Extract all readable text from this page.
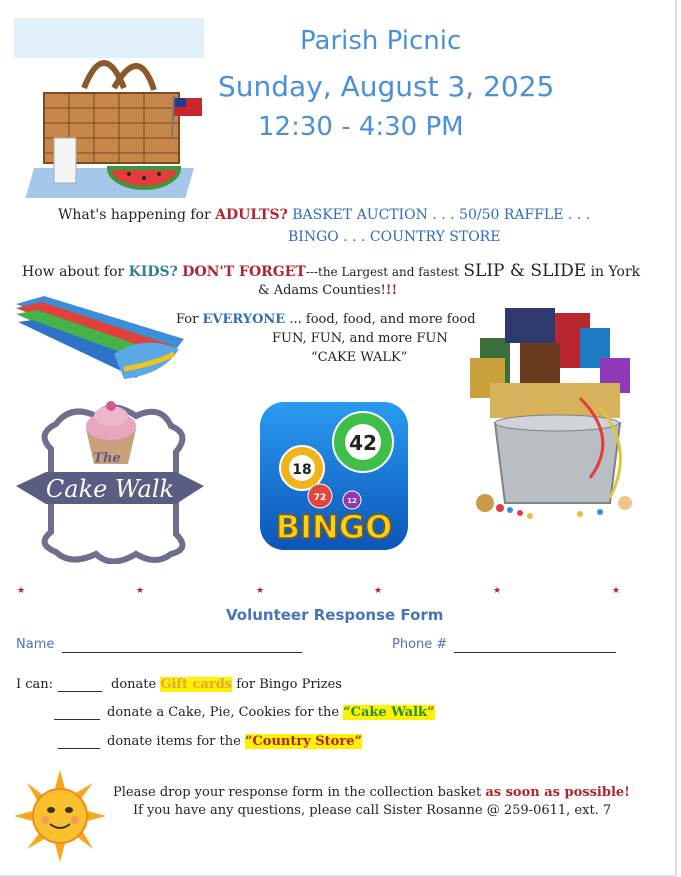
Parish Picnic
Sunday, August 3, 2025
12:30 - 4:30 PM
What's happening for ADULTS? BASKET AUCTION . . . 50/50 RAFFLE . . .
BINGO . . . COUNTRY STORE
How about for KIDS? DON'T FORGET---the Largest and fastest SLIP & SLIDE in York
& Adams Counties!!!
For EVERYONE ... food, food, and more food
FUN, FUN, and more FUN
“CAKE WALK”
Cake Walk
The
42
18
72	12
BINGO
★	★	★	★	★	★
Volunteer Response Form
Name	Phone #
I can:	donate Gift cards for Bingo Prizes
donate a Cake, Pie, Cookies for the “Cake Walk”
donate items for the “Country Store”
Please drop your response form in the collection basket as soon as possible!
If you have any questions, please call Sister Rosanne @ 259-0611, ext. 7
